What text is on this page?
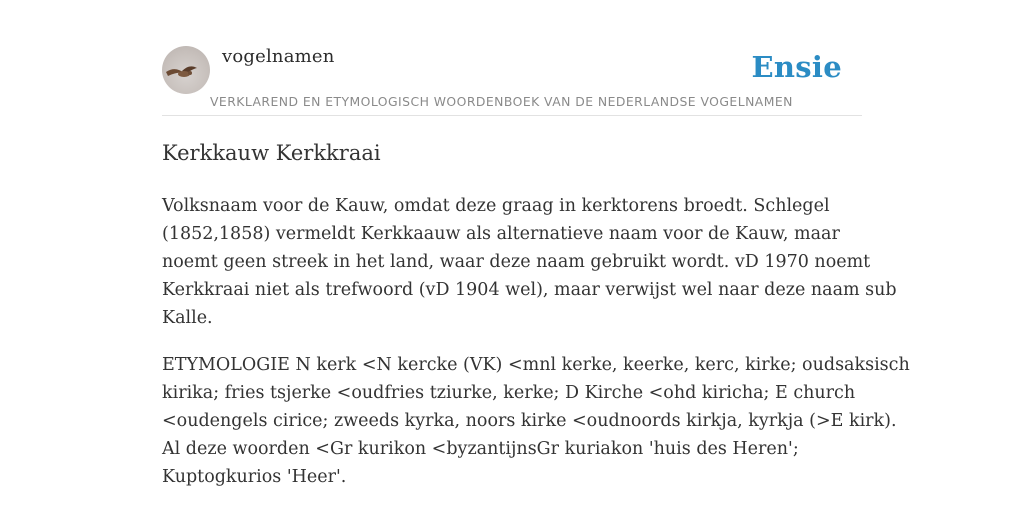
vogelnamen	Ensie
VERKLAREND EN ETYMOLOGISCH WOORDENBOEK VAN DE NEDERLANDSE VOGELNAMEN
Kerkkauw Kerkkraai

Volksnaam voor de Kauw, omdat deze graag in kerktorens broedt. Schlegel
(1852,1858) vermeldt Kerkkaauw als alternatieve naam voor de Kauw, maar
noemt geen streek in het land, waar deze naam gebruikt wordt. vD 1970 noemt
Kerkkraai niet als trefwoord (vD 1904 wel), maar verwijst wel naar deze naam sub
Kalle.

ETYMOLOGIE N kerk <N kercke (VK) <mnl kerke, keerke, kerc, kirke; oudsaksisch
kirika; fries tsjerke <oudfries tziurke, kerke; D Kirche <ohd kiricha; E church
<oudengels cirice; zweeds kyrka, noors kirke <oudnoords kirkja, kyrkja (>E kirk).
Al deze woorden <Gr kurikon <byzantijnsGr kuriakon 'huis des Heren';
Kuptogkurios 'Heer'.
